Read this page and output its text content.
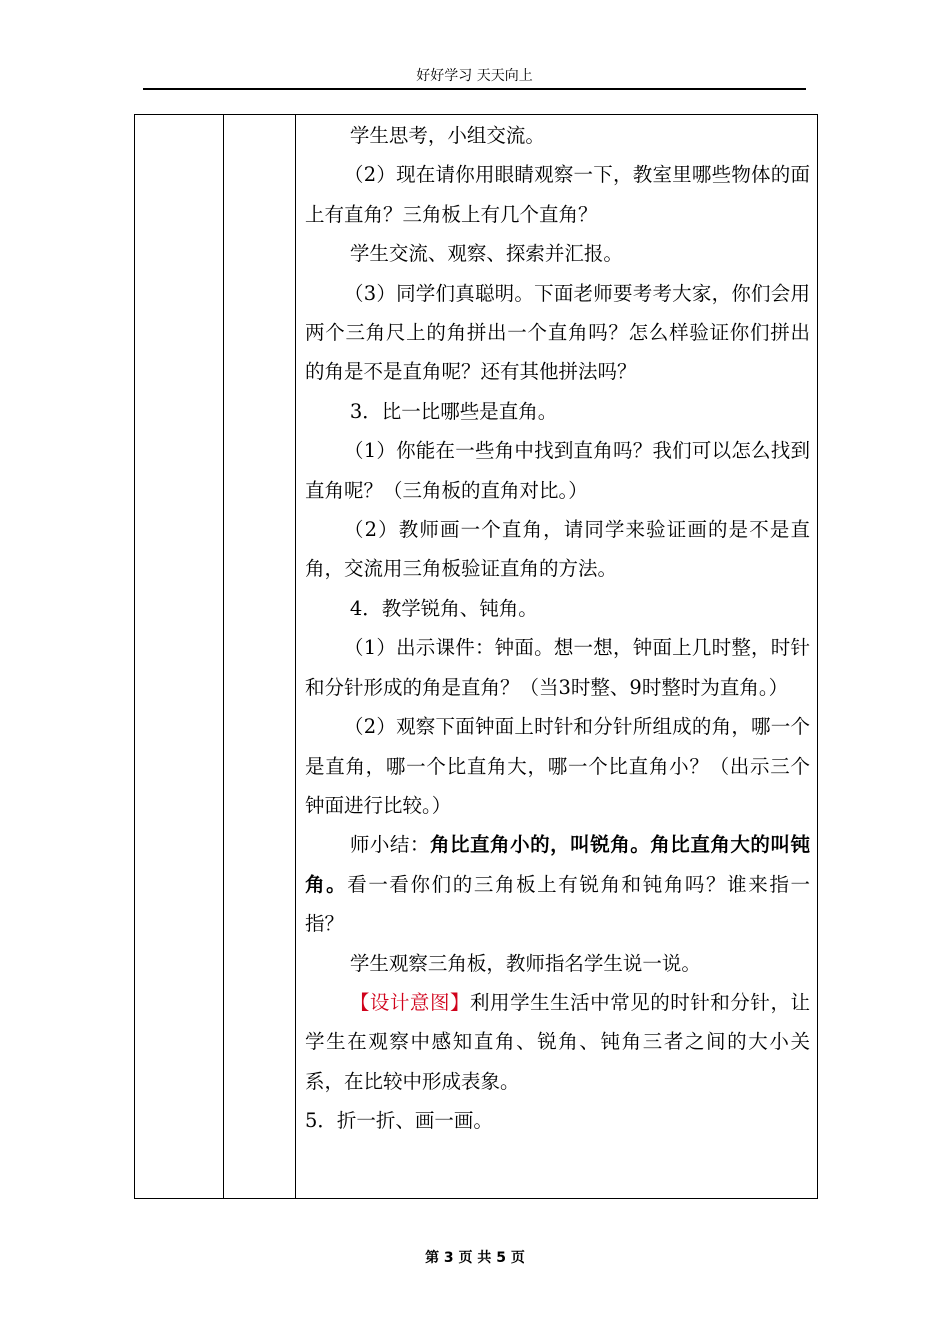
好好学习 天天向上

学生思考，小组交流。

（2）现在请你用眼睛观察一下，教室里哪些物体的面上有直角？三角板上有几个直角？

学生交流、观察、探索并汇报。

（3）同学们真聪明。下面老师要考考大家，你们会用两个三角尺上的角拼出一个直角吗？怎么样验证你们拼出的角是不是直角呢？还有其他拼法吗？

3．比一比哪些是直角。

（1）你能在一些角中找到直角吗？我们可以怎么找到直角呢？（三角板的直角对比。）

（2）教师画一个直角，请同学来验证画的是不是直角，交流用三角板验证直角的方法。

4．教学锐角、钝角。

（1）出示课件：钟面。想一想，钟面上几时整，时针和分针形成的角是直角？（当3时整、9时整时为直角。）

（2）观察下面钟面上时针和分针所组成的角，哪一个是直角，哪一个比直角大，哪一个比直角小？（出示三个钟面进行比较。）

师小结：角比直角小的，叫锐角。角比直角大的叫钝角。看一看你们的三角板上有锐角和钝角吗？谁来指一指？

学生观察三角板，教师指名学生说一说。

【设计意图】利用学生生活中常见的时针和分针，让学生在观察中感知直角、锐角、钝角三者之间的大小关系，在比较中形成表象。

5．折一折、画一画。

第 3 页 共 5 页
